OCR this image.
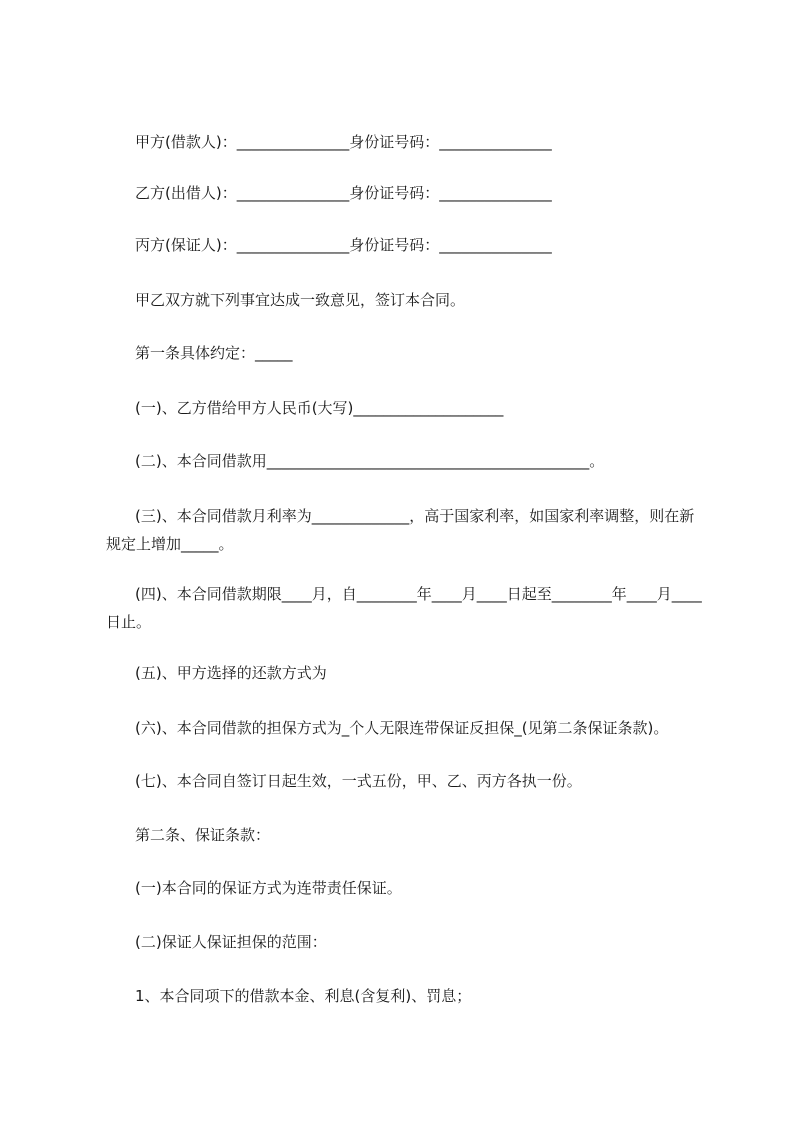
甲方(借款人)：_______________身份证号码：_______________
乙方(出借人)：_______________身份证号码：_______________
丙方(保证人)：_______________身份证号码：_______________
甲乙双方就下列事宜达成一致意见，签订本合同。
第一条具体约定：_____
(一)、乙方借给甲方人民币(大写)____________________
(二)、本合同借款用___________________________________________。
(三)、本合同借款月利率为_____________，高于国家利率，如国家利率调整，则在新规定上增加_____。
(四)、本合同借款期限____月，自________年____月____日起至________年____月____日止。
(五)、甲方选择的还款方式为
(六)、本合同借款的担保方式为_个人无限连带保证反担保_(见第二条保证条款)。
(七)、本合同自签订日起生效，一式五份，甲、乙、丙方各执一份。
第二条、保证条款：
(一)本合同的保证方式为连带责任保证。
(二)保证人保证担保的范围：
1、本合同项下的借款本金、利息(含复利)、罚息；
